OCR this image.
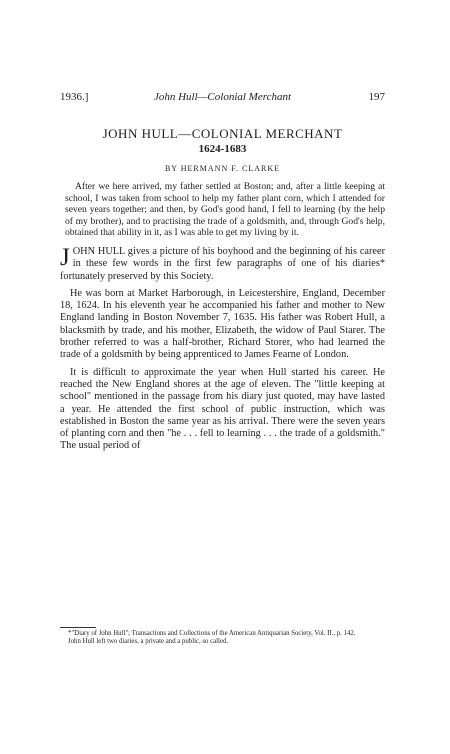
1936.]	John Hull—Colonial Merchant	197
JOHN HULL—COLONIAL MERCHANT
1624-1683
BY HERMANN F. CLARKE

After we here arrived, my father settled at Boston; and, after a little keeping at school, I was taken from school to help my father plant corn, which I attended for seven years together; and then, by God's good hand, I fell to learning (by the help of my brother), and to practising the trade of a goldsmith, and, through God's help, obtained that ability in it, as I was able to get my living by it.

JOHN HULL gives a picture of his boyhood and the beginning of his career in these few words in the first few paragraphs of one of his diaries* fortunately preserved by this Society.

He was born at Market Harborough, in Leicestershire, England, December 18, 1624. In his eleventh year he accompanied his father and mother to New England landing in Boston November 7, 1635. His father was Robert Hull, a blacksmith by trade, and his mother, Elizabeth, the widow of Paul Starer. The brother referred to was a half-brother, Richard Storer, who had learned the trade of a goldsmith by being apprenticed to James Fearne of London.

It is difficult to approximate the year when Hull started his career. He reached the New England shores at the age of eleven. The "little keeping at school" mentioned in the passage from his diary just quoted, may have lasted a year. He attended the first school of public instruction, which was established in Boston the same year as his arrival. There were the seven years of planting corn and then "he . . . fell to learning . . . the trade of a goldsmith." The usual period of

*"Diary of John Hull"; Transactions and Collections of the American Antiquarian Society, Vol. II., p. 142.

John Hull left two diaries, a private and a public, so called.
